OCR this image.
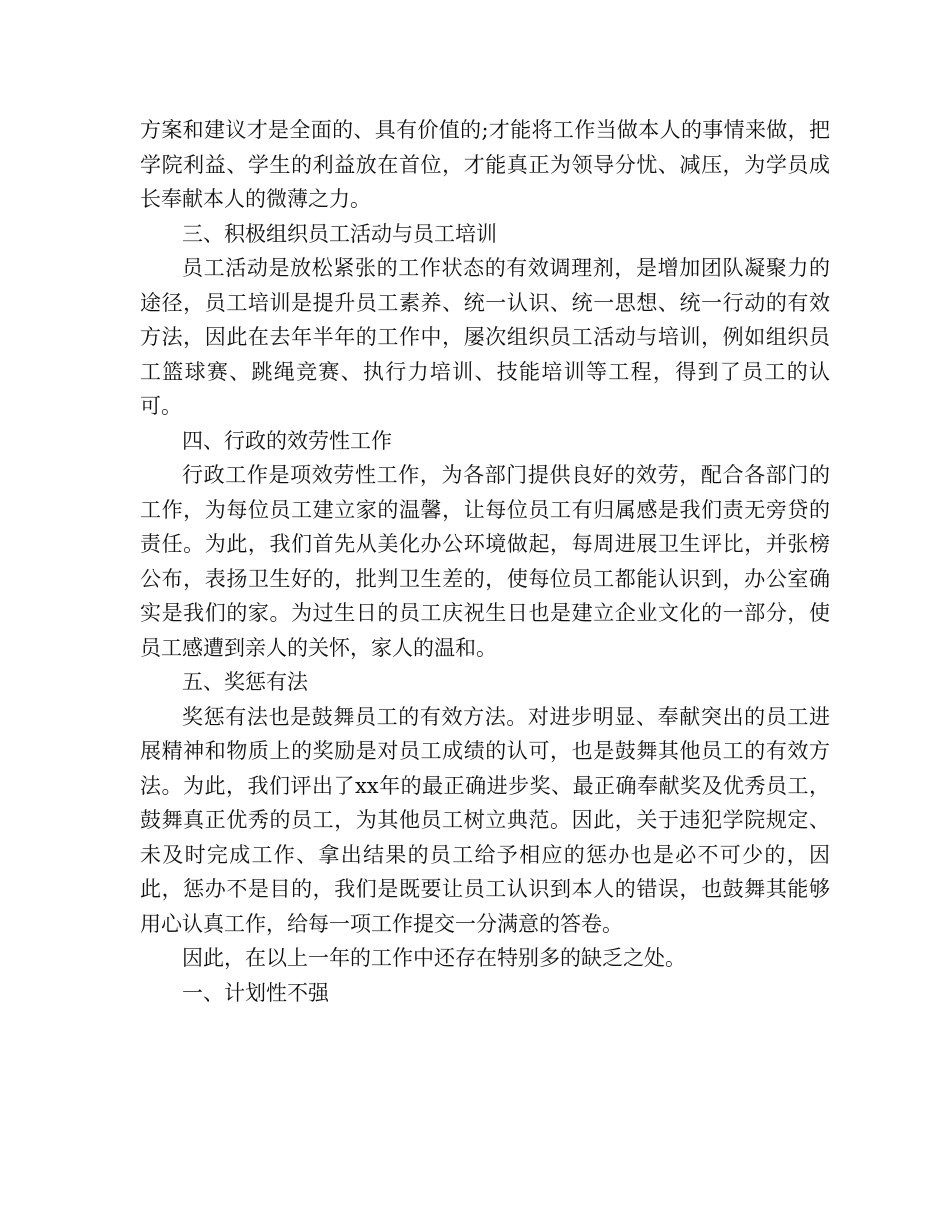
方案和建议才是全面的、具有价值的;才能将工作当做本人的事情来做，把学院利益、学生的利益放在首位，才能真正为领导分忧、减压，为学员成长奉献本人的微薄之力。

三、积极组织员工活动与员工培训

员工活动是放松紧张的工作状态的有效调理剂，是增加团队凝聚力的途径，员工培训是提升员工素养、统一认识、统一思想、统一行动的有效方法，因此在去年半年的工作中，屡次组织员工活动与培训，例如组织员工篮球赛、跳绳竞赛、执行力培训、技能培训等工程，得到了员工的认可。

四、行政的效劳性工作

行政工作是项效劳性工作，为各部门提供良好的效劳，配合各部门的工作，为每位员工建立家的温馨，让每位员工有归属感是我们责无旁贷的责任。为此，我们首先从美化办公环境做起，每周进展卫生评比，并张榜公布，表扬卫生好的，批判卫生差的，使每位员工都能认识到，办公室确实是我们的家。为过生日的员工庆祝生日也是建立企业文化的一部分，使员工感遭到亲人的关怀，家人的温和。

五、奖惩有法

奖惩有法也是鼓舞员工的有效方法。对进步明显、奉献突出的员工进展精神和物质上的奖励是对员工成绩的认可，也是鼓舞其他员工的有效方法。为此，我们评出了xx年的最正确进步奖、最正确奉献奖及优秀员工，鼓舞真正优秀的员工，为其他员工树立典范。因此，关于违犯学院规定、未及时完成工作、拿出结果的员工给予相应的惩办也是必不可少的，因此，惩办不是目的，我们是既要让员工认识到本人的错误，也鼓舞其能够用心认真工作，给每一项工作提交一分满意的答卷。

因此，在以上一年的工作中还存在特别多的缺乏之处。

一、计划性不强
